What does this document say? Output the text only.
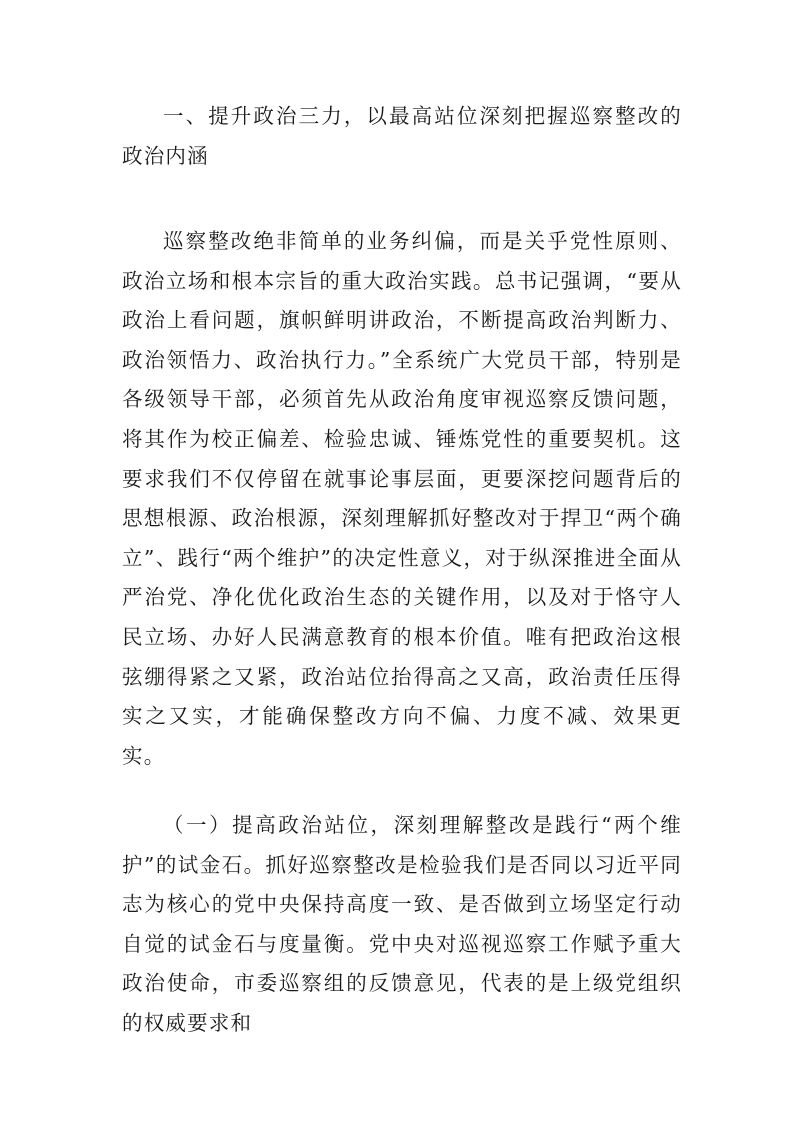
一、提升政治三力，以最高站位深刻把握巡察整改的政治内涵

巡察整改绝非简单的业务纠偏，而是关乎党性原则、政治立场和根本宗旨的重大政治实践。总书记强调，“要从政治上看问题，旗帜鲜明讲政治，不断提高政治判断力、政治领悟力、政治执行力。”全系统广大党员干部，特别是各级领导干部，必须首先从政治角度审视巡察反馈问题，将其作为校正偏差、检验忠诚、锤炼党性的重要契机。这要求我们不仅停留在就事论事层面，更要深挖问题背后的思想根源、政治根源，深刻理解抓好整改对于捍卫“两个确立”、践行“两个维护”的决定性意义，对于纵深推进全面从严治党、净化优化政治生态的关键作用，以及对于恪守人民立场、办好人民满意教育的根本价值。唯有把政治这根弦绷得紧之又紧，政治站位抬得高之又高，政治责任压得实之又实，才能确保整改方向不偏、力度不减、效果更实。

（一）提高政治站位，深刻理解整改是践行“两个维护”的试金石。抓好巡察整改是检验我们是否同以习近平同志为核心的党中央保持高度一致、是否做到立场坚定行动自觉的试金石与度量衡。党中央对巡视巡察工作赋予重大政治使命，市委巡察组的反馈意见，代表的是上级党组织的权威要求和
